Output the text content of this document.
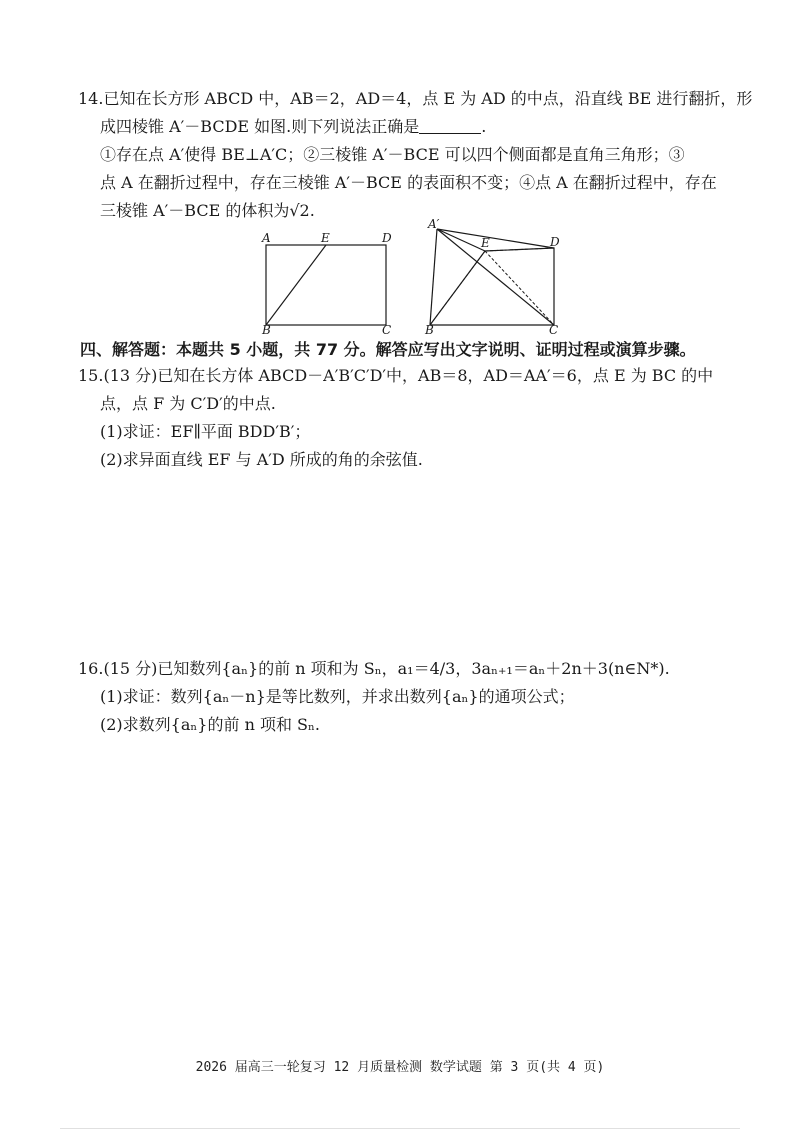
14.已知在长方形 ABCD 中，AB＝2，AD＝4，点 E 为 AD 的中点，沿直线 BE 进行翻折，形
成四棱锥 A′－BCDE 如图.则下列说法正确是	.
①存在点 A′使得 BE⊥A′C；②三棱锥 A′－BCE 可以四个侧面都是直角三角形；③
点 A 在翻折过程中，存在三棱锥 A′－BCE 的表面积不变；④点 A 在翻折过程中，存在
三棱锥 A′－BCE 的体积为√2.
A	E	D
B	C
A′
E	D
B	C
四、解答题：本题共 5 小题，共 77 分。解答应写出文字说明、证明过程或演算步骤。
15.(13 分)已知在长方体 ABCD－A′B′C′D′中，AB＝8，AD＝AA′＝6，点 E 为 BC 的中
点，点 F 为 C′D′的中点.
(1)求证：EF∥平面 BDD′B′；
(2)求异面直线 EF 与 A′D 所成的角的余弦值.
16.(15 分)已知数列{aₙ}的前 n 项和为 Sₙ，a₁＝4/3，3aₙ₊₁＝aₙ＋2n＋3(n∈N*).
(1)求证：数列{aₙ－n}是等比数列，并求出数列{aₙ}的通项公式；
(2)求数列{aₙ}的前 n 项和 Sₙ.
2026 届高三一轮复习 12 月质量检测 数学试题 第 3 页(共 4 页)
